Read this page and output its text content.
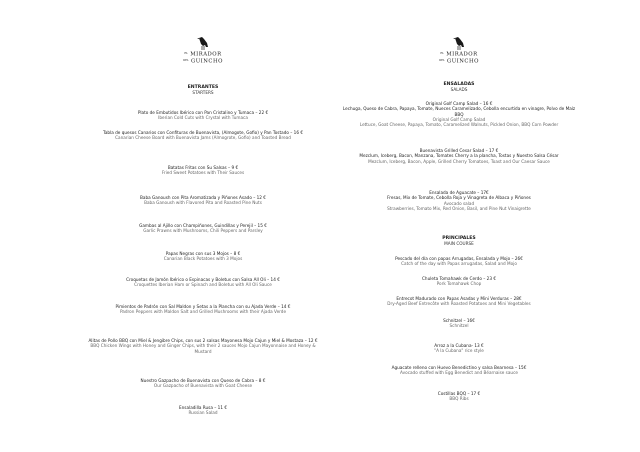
EL MIRADOR
DEL GUINCHO
ENTRANTES
STARTERS
Plato de Embutidos Ibérico con Pan Cristalino y Tumaca – 22 €
Iberian Cold Cuts with Crystal with Tumaca
Tabla de quesos Canarios con Confituras de Buenavista, (Almogote, Gofio) y Pan Tostado – 16 €
Canarian Cheese Board with Buenavista Jams (Almogrote, Gofio) and Toasted Bread
Batatas Fritas con Su Salsas – 9 €
Fried Sweet Potatoes with Their Sauces
Baba Ganoush con Pita Aromatizada y Piñones Asado – 12 €
Baba Ganoush with Flavored Pita and Roasted Pine Nuts
Gambas al Ajillo con Champiñones, Guindillas y Perejil – 15 €
Garlic Prawns with Mushrooms, Chili Peppers and Parsley
Papas Negras con sus 3 Mojos – 8 €
Canarian Black Potatoes with 3 Mojos
Croquetas de Jamón Ibérico o Espinacas y Boletus con Salsa All Oli – 14 €
Croquettes Iberian Ham or Spinach and Boletus with All Oli Sauce
Pimientos de Padrón con Sal Maldon y Setas a la Plancha con su Ajada Verde – 14 €
Padron Peppers with Maldon Salt and Grilled Mushrooms with their Ajada Verde
Alitas de Pollo BBQ con Miel & Jengibre Chips, con sus 2 salsas Mayonesa Mojo Cajun y Miel & Mostaza – 12 €
BBQ Chicken Wings with Honey and Ginger Chips, with their 2 sauces Mojo Cajun Mayonnaise and Honey & Mustard
Nuestro Gazpacho de Buenavista con Queso de Cabra – 8 €
Our Gazpacho of Buenavista with Goat Cheese
Ensaladilla Rusa – 11 €
Russian Salad
EL MIRADOR
DEL GUINCHO
ENSALADAS
SALADS
Original Golf Camp Salad – 16 €
Lechuga, Queso de Cabra, Papaya, Tomate, Nueces Caramelizado, Cebolla encurtida en vinagre, Polvo de Maíz BBQ
Original Golf Camp Salad
Lettuce, Goat Cheese, Papaya, Tomato, Caramelized Walnuts, Pickled Onion, BBQ Corn Powder
Buenavista Grilled Cesar Salad – 17 €
Mezclum, Iceberg, Bacon, Manzana, Tomates Cherry a la plancha, Tostas y Nuestro Salsa César
Mezclum, Iceberg, Bacon, Apple, Grilled Cherry Tomatoes, Toast and Our Caesar Sauce
Ensalada de Aguacate – 17€
Fresas, Mix de Tomate, Cebolla Roja y Vinagreta de Albaca y Piñones
Avocado salad
Strawberries, Tomato Mix, Red Onion, Basil, and Pine Nut Vinaigrette
PRINCIPALES
MAIN COURSE
Pescado del día con papas Arrugadas, Ensalada y Mojo – 26€
Catch of the day with Papas arrugadas, Salad and Mojo
Chuleta Tomahawk de Cerdo – 23 €
Pork Tomahawk Chop
Entrecot Madurado con Papas Asadas y Mini Verduras – 28€
Dry-Aged Beef Entrecôte with Roasted Potatoes and Mini Vegetables
Schnitzel – 16€
Schnitzel
Arroz a la Cubana- 13 €
"A la Cubana" rice style
Aguacate relleno con Huevo Benedictino y salsa Bearnesa – 15€
Avocado stuffed with Egg Benedict and Béarnaise sauce
Costillas BQQ – 17 €
BBQ Ribs
